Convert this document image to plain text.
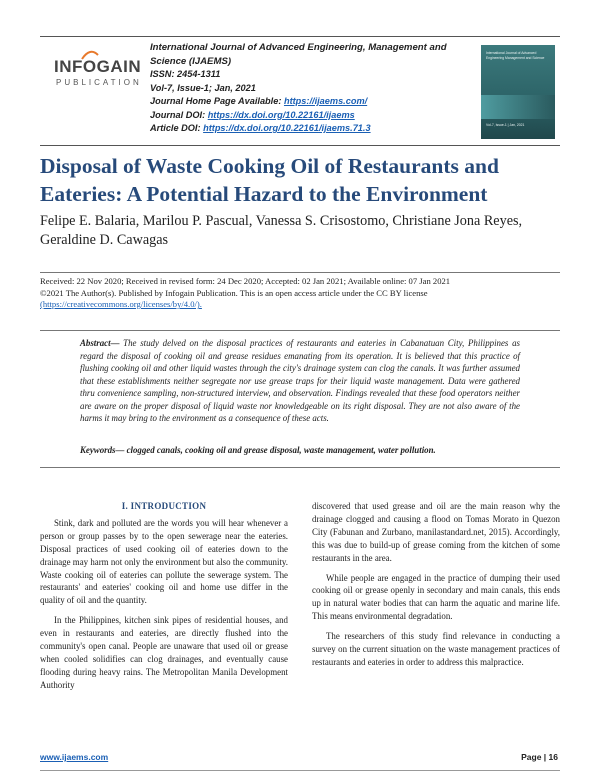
INFOGAIN
PUBLICATION
International Journal of Advanced Engineering, Management and Science (IJAEMS)
ISSN: 2454-1311
Vol-7, Issue-1; Jan, 2021
Journal Home Page Available: https://ijaems.com/
Journal DOI: https://dx.doi.org/10.22161/ijaems
Article DOI: https://dx.doi.org/10.22161/ijaems.71.3
International Journal of Advanced Engineering Management and Science
Vol-7, Issue-1 | Jan, 2021
Disposal of Waste Cooking Oil of Restaurants and Eateries: A Potential Hazard to the Environment
Felipe E. Balaria, Marilou P. Pascual, Vanessa S. Crisostomo, Christiane Jona Reyes, Geraldine D. Cawagas
Received: 22 Nov 2020; Received in revised form: 24 Dec 2020; Accepted: 02 Jan 2021; Available online: 07 Jan 2021
©2021 The Author(s). Published by Infogain Publication. This is an open access article under the CC BY license
(https://creativecommons.org/licenses/by/4.0/).
Abstract— The study delved on the disposal practices of restaurants and eateries in Cabanatuan City, Philippines as regard the disposal of cooking oil and grease residues emanating from its operation. It is believed that this practice of flushing cooking oil and other liquid wastes through the city's drainage system can clog the canals. It was further assumed that these establishments neither segregate nor use grease traps for their liquid waste management. Data were gathered thru convenience sampling, non-structured interview, and observation. Findings revealed that these food operators neither are aware on the proper disposal of liquid waste nor knowledgeable on its right disposal. They are not also aware of the harms it may bring to the environment as a consequence of these acts.
Keywords— clogged canals, cooking oil and grease disposal, waste management, water pollution.
I. INTRODUCTION

Stink, dark and polluted are the words you will hear whenever a person or group passes by to the open sewerage near the eateries. Disposal practices of used cooking oil of eateries down to the drainage may harm not only the environment but also the community. Waste cooking oil of eateries can pollute the sewerage system. The restaurants' and eateries' cooking oil and home use differ in the quality of oil and the quantity.

In the Philippines, kitchen sink pipes of residential houses, and even in restaurants and eateries, are directly flushed into the community's open canal. People are unaware that used oil or grease when cooled solidifies can clog drainages, and eventually cause flooding during heavy rains. The Metropolitan Manila Development Authority

discovered that used grease and oil are the main reason why the drainage clogged and causing a flood on Tomas Morato in Quezon City (Fabunan and Zurbano, manilastandard.net, 2015). Accordingly, this was due to build-up of grease coming from the kitchen of some restaurants in the area.

While people are engaged in the practice of dumping their used cooking oil or grease openly in secondary and main canals, this ends up in natural water bodies that can harm the aquatic and marine life. This means environmental degradation.

The researchers of this study find relevance in conducting a survey on the current situation on the waste management practices of restaurants and eateries in order to address this malpractice.

www.ijaems.com	Page | 16
